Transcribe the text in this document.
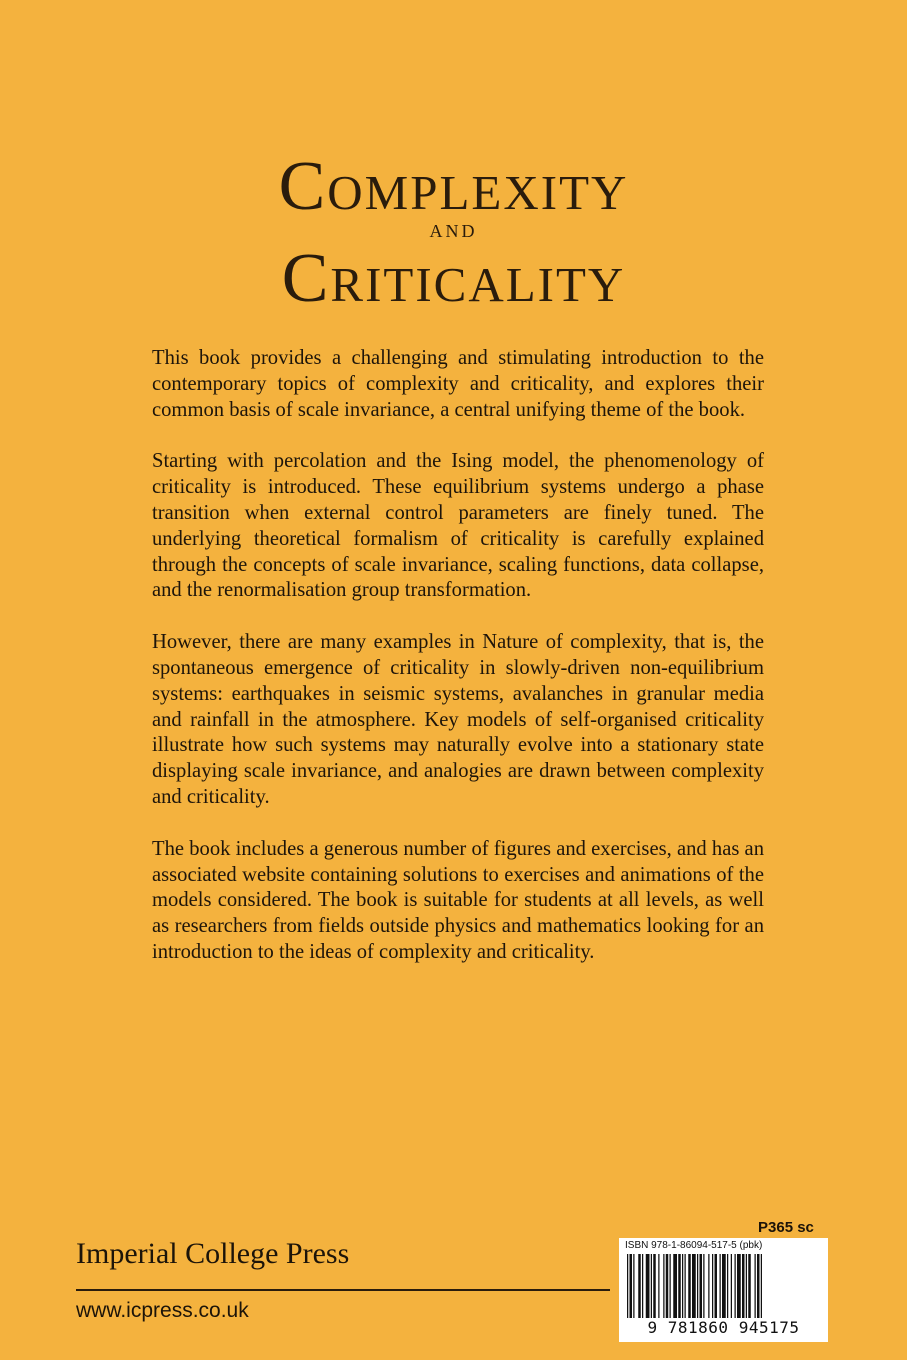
Complexity
AND
Criticality

This book provides a challenging and stimulating introduction to the contemporary topics of complexity and criticality, and explores their common basis of scale invariance, a central unifying theme of the book.

Starting with percolation and the Ising model, the phenomenology of criticality is introduced. These equilibrium systems undergo a phase transition when external control parameters are finely tuned. The underlying theoretical formalism of criticality is carefully explained through the concepts of scale invariance, scaling functions, data collapse, and the renormalisation group transformation.

However, there are many examples in Nature of complexity, that is, the spontaneous emergence of criticality in slowly-driven non-equilibrium systems: earthquakes in seismic systems, avalanches in granular media and rainfall in the atmosphere. Key models of self-organised criticality illustrate how such systems may naturally evolve into a stationary state displaying scale invariance, and analogies are drawn between complexity and criticality.

The book includes a generous number of figures and exercises, and has an associated website containing solutions to exercises and animations of the models considered. The book is suitable for students at all levels, as well as researchers from fields outside physics and mathematics looking for an introduction to the ideas of complexity and criticality.

Imperial College Press
www.icpress.co.uk
P365 sc
ISBN 978-1-86094-517-5 (pbk)
9 781860 945175
